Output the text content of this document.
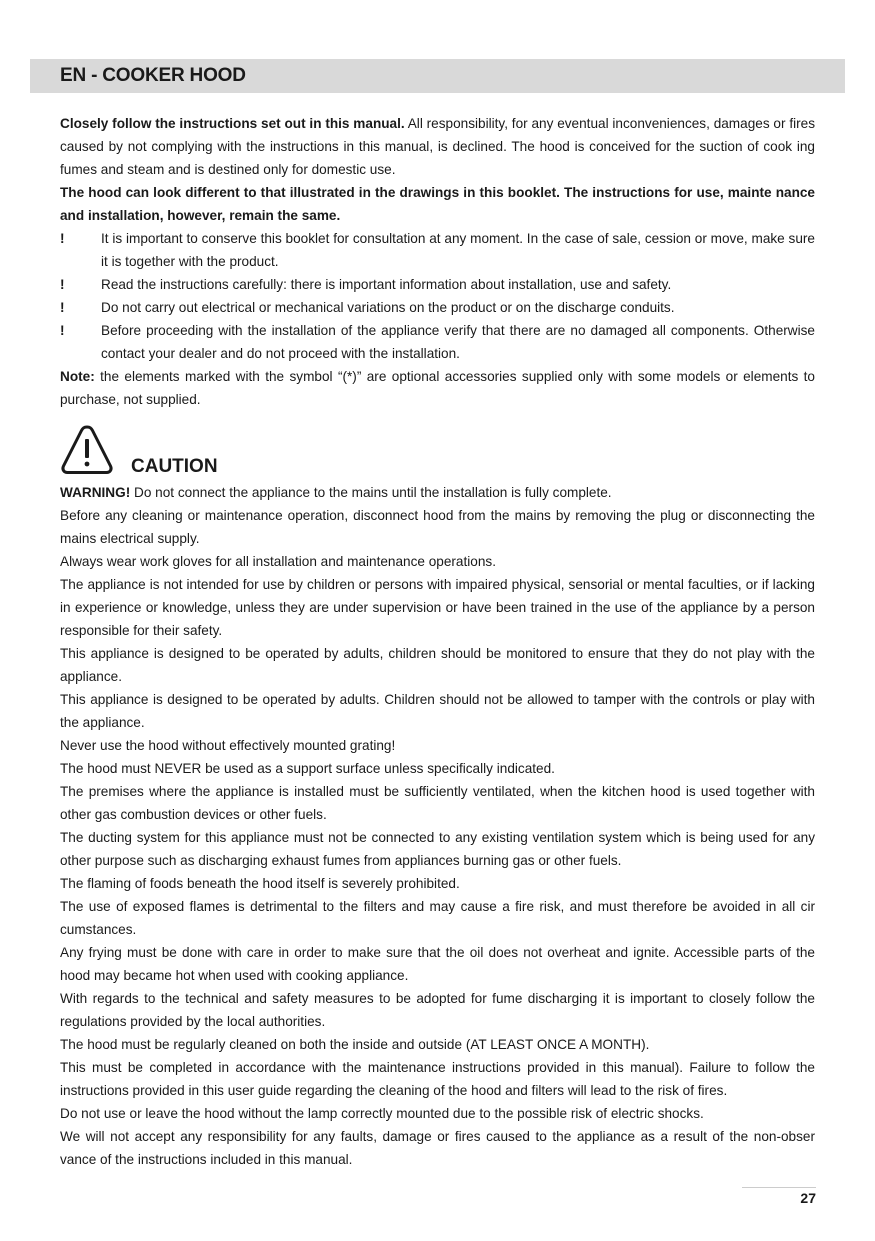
EN - COOKER HOOD

Closely follow the instructions set out in this manual. All responsibility, for any eventual inconveniences, damages or fires caused by not complying with the instructions in this manual, is declined. The hood is conceived for the suction of cook ing fumes and steam and is destined only for domestic use.

The hood can look different to that illustrated in the drawings in this booklet. The instructions for use, mainte nance and installation, however, remain the same.

!	It is important to conserve this booklet for consultation at any moment. In the case of sale, cession or move, make sure it is together with the product.
!	Read the instructions carefully: there is important information about installation, use and safety.
!	Do not carry out electrical or mechanical variations on the product or on the discharge conduits.
!	Before proceeding with the installation of the appliance verify that there are no damaged all components. Otherwise contact your dealer and do not proceed with the installation.

Note: the elements marked with the symbol “(*)” are optional accessories supplied only with some models or elements to purchase, not supplied.

CAUTION

WARNING! Do not connect the appliance to the mains until the installation is fully complete.

Before any cleaning or maintenance operation, disconnect hood from the mains by removing the plug or disconnecting the mains electrical supply.

Always wear work gloves for all installation and maintenance operations.

The appliance is not intended for use by children or persons with impaired physical, sensorial or mental faculties, or if lacking in experience or knowledge, unless they are under supervision or have been trained in the use of the appliance by a person responsible for their safety.

This appliance is designed to be operated by adults, children should be monitored to ensure that they do not play with the appliance.

This appliance is designed to be operated by adults. Children should not be allowed to tamper with the controls or play with the appliance.

Never use the hood without effectively mounted grating!

The hood must NEVER be used as a support surface unless specifically indicated.

The premises where the appliance is installed must be sufficiently ventilated, when the kitchen hood is used together with other gas combustion devices or other fuels.

The ducting system for this appliance must not be connected to any existing ventilation system which is being used for any other purpose such as discharging exhaust fumes from appliances burning gas or other fuels.

The flaming of foods beneath the hood itself is severely prohibited.

The use of exposed flames is detrimental to the filters and may cause a fire risk, and must therefore be avoided in all cir cumstances.

Any frying must be done with care in order to make sure that the oil does not overheat and ignite. Accessible parts of the hood may became hot when used with cooking appliance.

With regards to the technical and safety measures to be adopted for fume discharging it is important to closely follow the regulations provided by the local authorities.

The hood must be regularly cleaned on both the inside and outside (AT LEAST ONCE A MONTH).

This must be completed in accordance with the maintenance instructions provided in this manual). Failure to follow the instructions provided in this user guide regarding the cleaning of the hood and filters will lead to the risk of fires.

Do not use or leave the hood without the lamp correctly mounted due to the possible risk of electric shocks.

We will not accept any responsibility for any faults, damage or fires caused to the appliance as a result of the non-obser vance of the instructions included in this manual.

27
